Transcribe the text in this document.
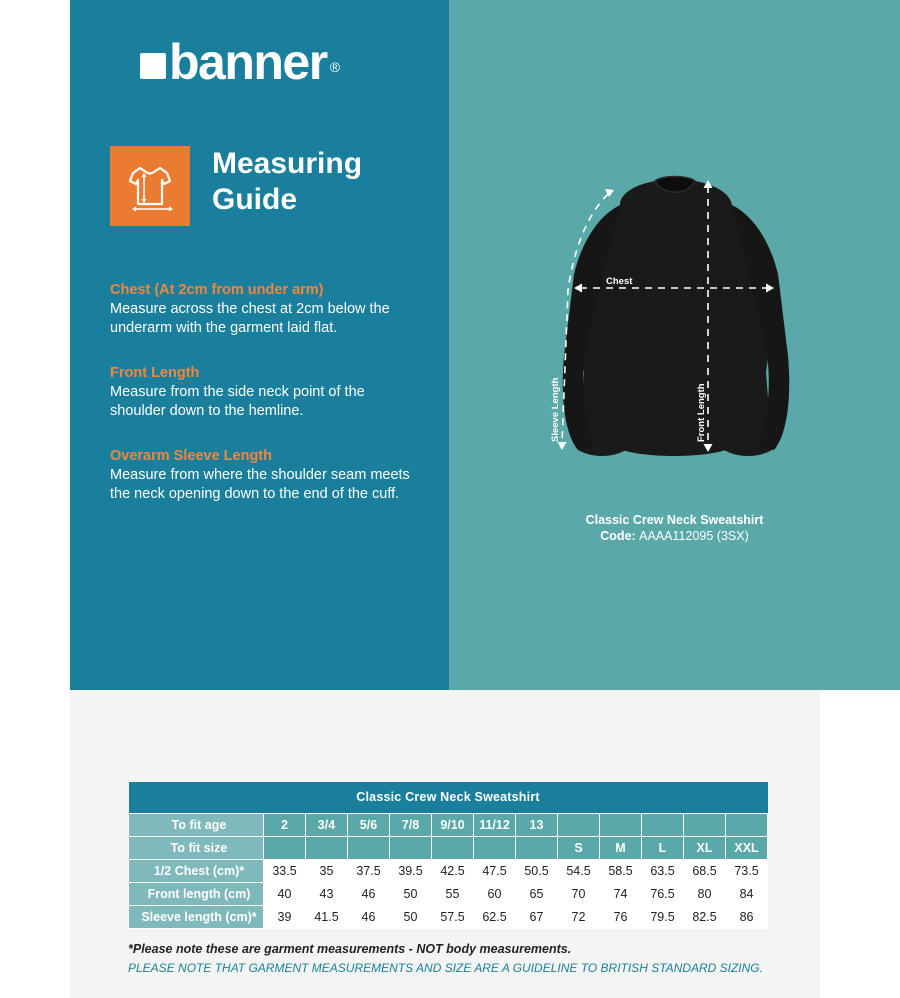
banner ®
Measuring Guide
Chest (At 2cm from under arm)
Measure across the chest at 2cm below the underarm with the garment laid flat.
Front Length
Measure from the side neck point of the shoulder down to the hemline.
Overarm Sleeve Length
Measure from where the shoulder seam meets the neck opening down to the end of the cuff.
Chest
Front Length
Sleeve Length
Classic Crew Neck Sweatshirt
Code: AAAA112095 (3SX)
Classic Crew Neck Sweatshirt												
To fit age	2	3/4	5/6	7/8	9/10	11/12	13					
To fit size								S	M	L	XL	XXL
1/2 Chest (cm)*	33.5	35	37.5	39.5	42.5	47.5	50.5	54.5	58.5	63.5	68.5	73.5
Front length (cm)	40	43	46	50	55	60	65	70	74	76.5	80	84
Sleeve length (cm)*	39	41.5	46	50	57.5	62.5	67	72	76	79.5	82.5	86
*Please note these are garment measurements - NOT body measurements.
PLEASE NOTE THAT GARMENT MEASUREMENTS AND SIZE ARE A GUIDELINE TO BRITISH STANDARD SIZING.
